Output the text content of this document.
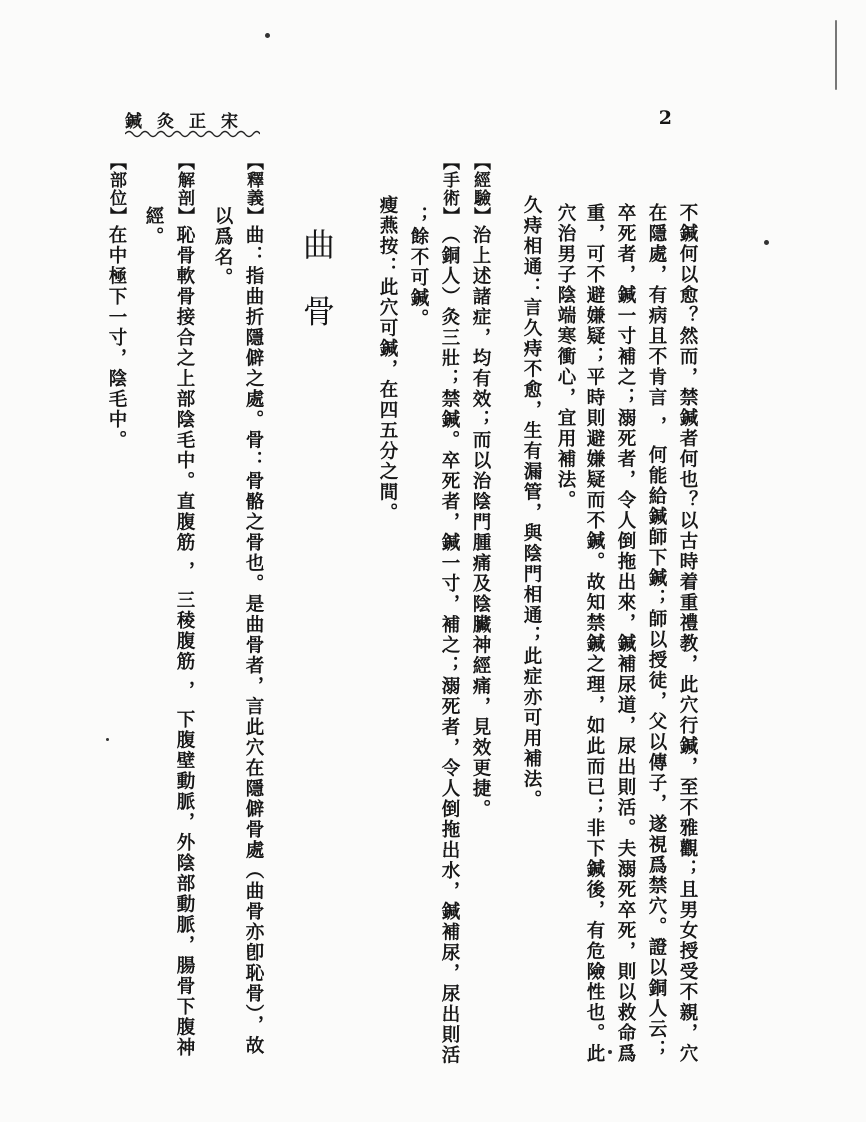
宋正灸鍼	2
不鍼何以愈？然而，禁鍼者何也？以古時着重禮教，此穴行鍼，至不雅觀；且男女授受不親，穴
在隱處，有病且不肯言 ， 何能給鍼師下鍼；師以授徒，父以傳子，遂視爲禁穴。證以銅人云；
卒死者，鍼一寸補之；溺死者，令人倒拖出來，鍼補尿道，尿出則活。夫溺死卒死，則以救命爲
重，可不避嫌疑；平時則避嫌疑而不鍼。故知禁鍼之理，如此而已；非下鍼後，有危險性也。此
穴治男子陰端寒衝心，宜用補法。
久痔相通：言久痔不愈，生有漏管，與陰門相通；此症亦可用補法。
【經驗】治上述諸症，均有效；而以治陰門腫痛及陰臟神經痛，見效更捷。
【手術】（銅人）灸三壯；禁鍼。卒死者，鍼一寸，補之；溺死者，令人倒拖出水，鍼補尿，尿出則活
；餘不可鍼。
瘦燕按：此穴可鍼，在四五分之間。
曲 骨
【釋義】曲：指曲折隱僻之處。骨：骨骼之骨也。是曲骨者，言此穴在隱僻骨處（曲骨亦卽恥骨），故
以爲名。
【解剖】恥骨軟骨接合之上部陰毛中。直腹筋 ， 三稜腹筋 ， 下腹壁動脈，外陰部動脈，腸骨下腹神
經。
【部位】在中極下一寸，陰毛中。
